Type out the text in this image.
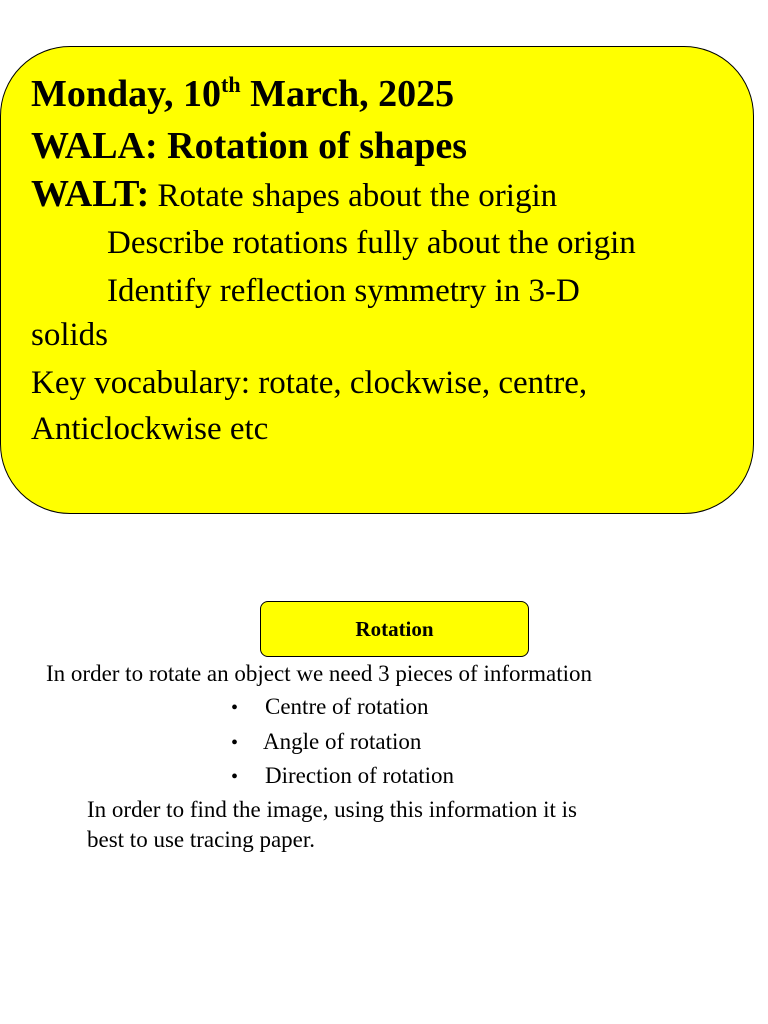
Monday, 10th March, 2025
WALA: Rotation of shapes
WALT: Rotate shapes about the origin
Describe rotations fully about the origin
Identify reflection symmetry in 3-D
solids
Key vocabulary: rotate, clockwise, centre,
Anticlockwise etc
Rotation
In order to rotate an object we need 3 pieces of information
• Centre of rotation
• Angle of rotation
• Direction of rotation
In order to find the image, using this information it is
best to use tracing paper.
